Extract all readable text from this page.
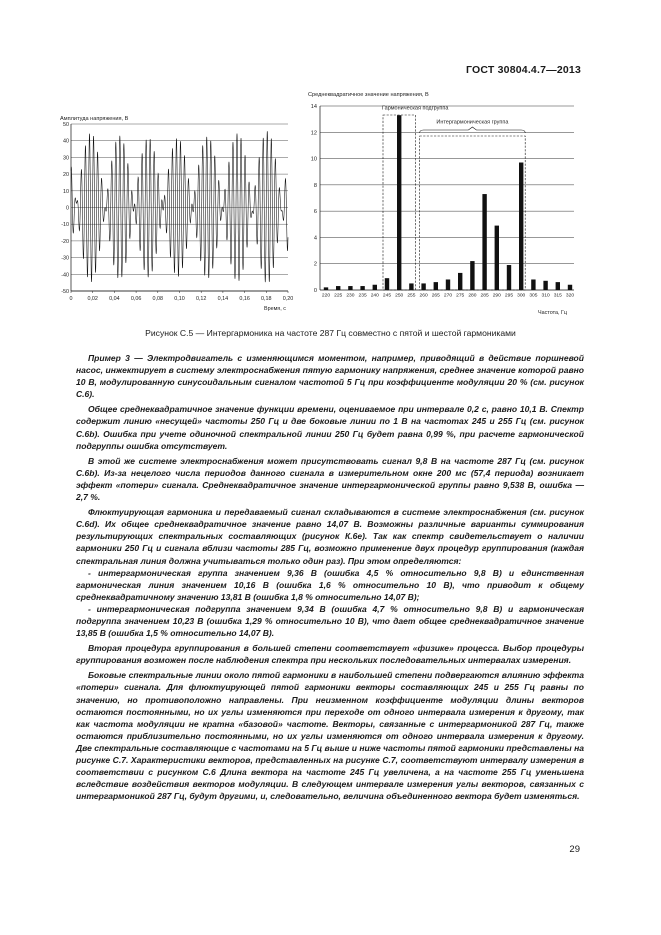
ГОСТ 30804.4.7—2013
50
40
30
20
10
0
-10
-20
-30
-40
-50
0	0,02 0,04 0,06 0,08 0,10 0,12 0,14 0,16 0,18 0,20
Амплитуда напряжения, В
Время, с
14
12
10
8
6
4
2
0
220 225 230 235 240 245 250 255 260 265 270 275 280 285 290 295 300 305 310 315 320
Гармоническая подгруппа
Интергармоническая группа
Среднеквадратичное значение напряжения, В
Частота, Гц
Рисунок С.5 — Интергармоника на частоте 287 Гц совместно с пятой и шестой гармониками

Пример 3 — Электродвигатель с изменяющимся моментом, например, приводящий в действие поршневой насос, инжектирует в систему электроснабжения пятую гармонику напряжения, среднее значение которой равно 10 В, модулированную синусоидальным сигналом частотой 5 Гц при коэффициенте модуляции 20 % (см. рисунок С.6).

Общее среднеквадратичное значение функции времени, оцениваемое при интервале 0,2 с, равно 10,1 В. Спектр содержит линию «несущей» частоты 250 Гц и две боковые линии по 1 В на частотах 245 и 255 Гц (см. рисунок С.6b). Ошибка при учете одиночной спектральной линии 250 Гц будет равна 0,99 %, при расчете гармонической подгруппы ошибка отсутствует.

В этой же системе электроснабжения может присутствовать сигнал 9,8 В на частоте 287 Гц (см. рисунок С.6b). Из-за нецелого числа периодов данного сигнала в измерительном окне 200 мс (57,4 периода) возникает эффект «потери» сигнала. Среднеквадратичное значение интергармонической группы равно 9,538 В, ошибка — 2,7 %.

Флюктуирующая гармоника и передаваемый сигнал складываются в системе электроснабжения (см. рисунок С.6d). Их общее среднеквадратичное значение равно 14,07 В. Возможны различные варианты суммирования результирующих спектральных составляющих (рисунок К.6е). Так как спектр свидетельствует о наличии гармоники 250 Гц и сигнала вблизи частоты 285 Гц, возможно применение двух процедур группирования (каждая спектральная линия должна учитываться только один раз). При этом определяются:

- интергармоническая группа значением 9,36 В (ошибка 4,5 % относительно 9,8 В) и единственная гармоническая линия значением 10,16 В (ошибка 1,6 % относительно 10 В), что приводит к общему среднеквадратичному значению 13,81 В (ошибка 1,8 % относительно 14,07 В);

- интергармоническая подгруппа значением 9,34 В (ошибка 4,7 % относительно 9,8 В) и гармоническая подгруппа значением 10,23 В (ошибка 1,29 % относительно 10 В), что дает общее среднеквадратичное значение 13,85 В (ошибка 1,5 % относительно 14,07 В).

Вторая процедура группирования в большей степени соответствует «физике» процесса. Выбор процедуры группирования возможен после наблюдения спектра при нескольких последовательных интервалах измерения.

Боковые спектральные линии около пятой гармоники в наибольшей степени подвергаются влиянию эффекта «потери» сигнала. Для флюктуирующей пятой гармоники векторы составляющих 245 и 255 Гц равны по значению, но противоположно направлены. При неизменном коэффициенте модуляции длины векторов остаются постоянными, но их углы изменяются при переходе от одного интервала измерения к другому, так как частота модуляции не кратна «базовой» частоте. Векторы, связанные с интергармоникой 287 Гц, также остаются приблизительно постоянными, но их углы изменяются от одного интервала измерения к другому. Две спектральные составляющие с частотами на 5 Гц выше и ниже частоты пятой гармоники представлены на рисунке С.7. Характеристики векторов, представленных на рисунке С.7, соответствуют интервалу измерения в соответствии с рисунком С.6 Длина вектора на частоте 245 Гц увеличена, а на частоте 255 Гц уменьшена вследствие воздействия векторов модуляции. В следующем интервале измерения углы векторов, связанных с интергармоникой 287 Гц, будут другими, и, следовательно, величина объединенного вектора будет изменяться.

29
